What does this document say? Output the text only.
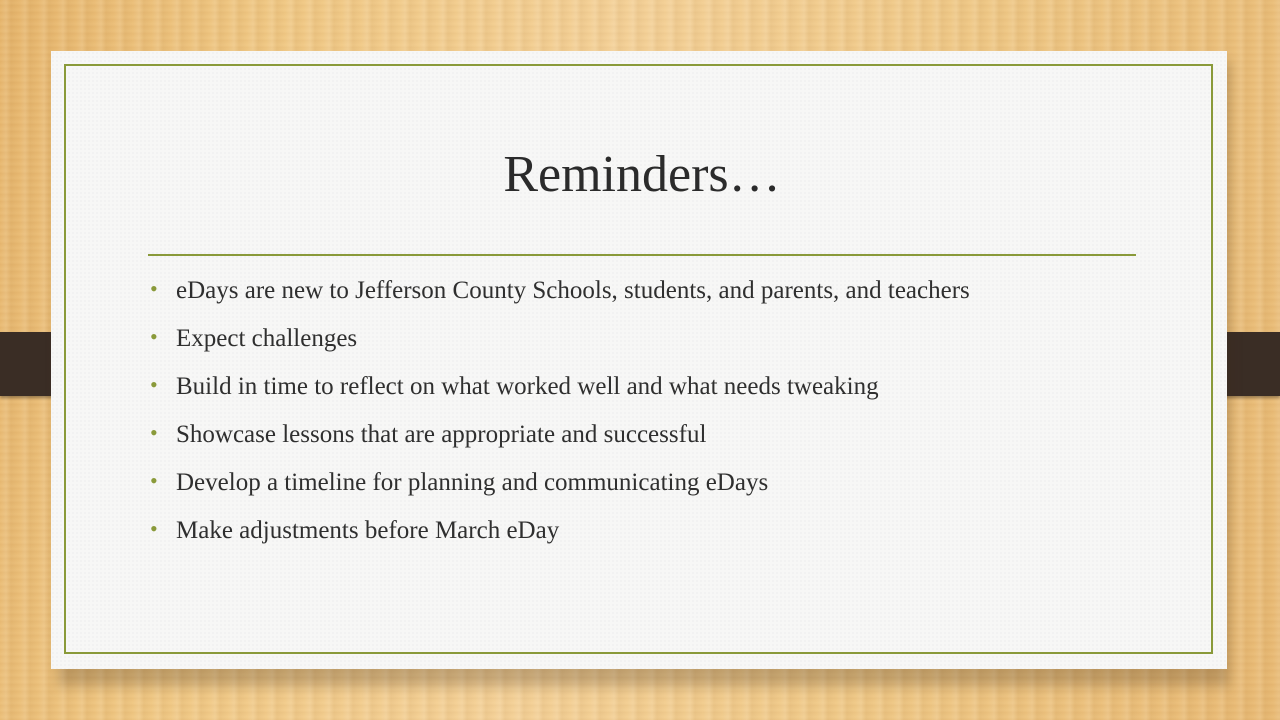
Reminders…
• eDays are new to Jefferson County Schools, students, and parents, and teachers
• Expect challenges
• Build in time to reflect on what worked well and what needs tweaking
• Showcase lessons that are appropriate and successful
• Develop a timeline for planning and communicating eDays
• Make adjustments before March eDay
